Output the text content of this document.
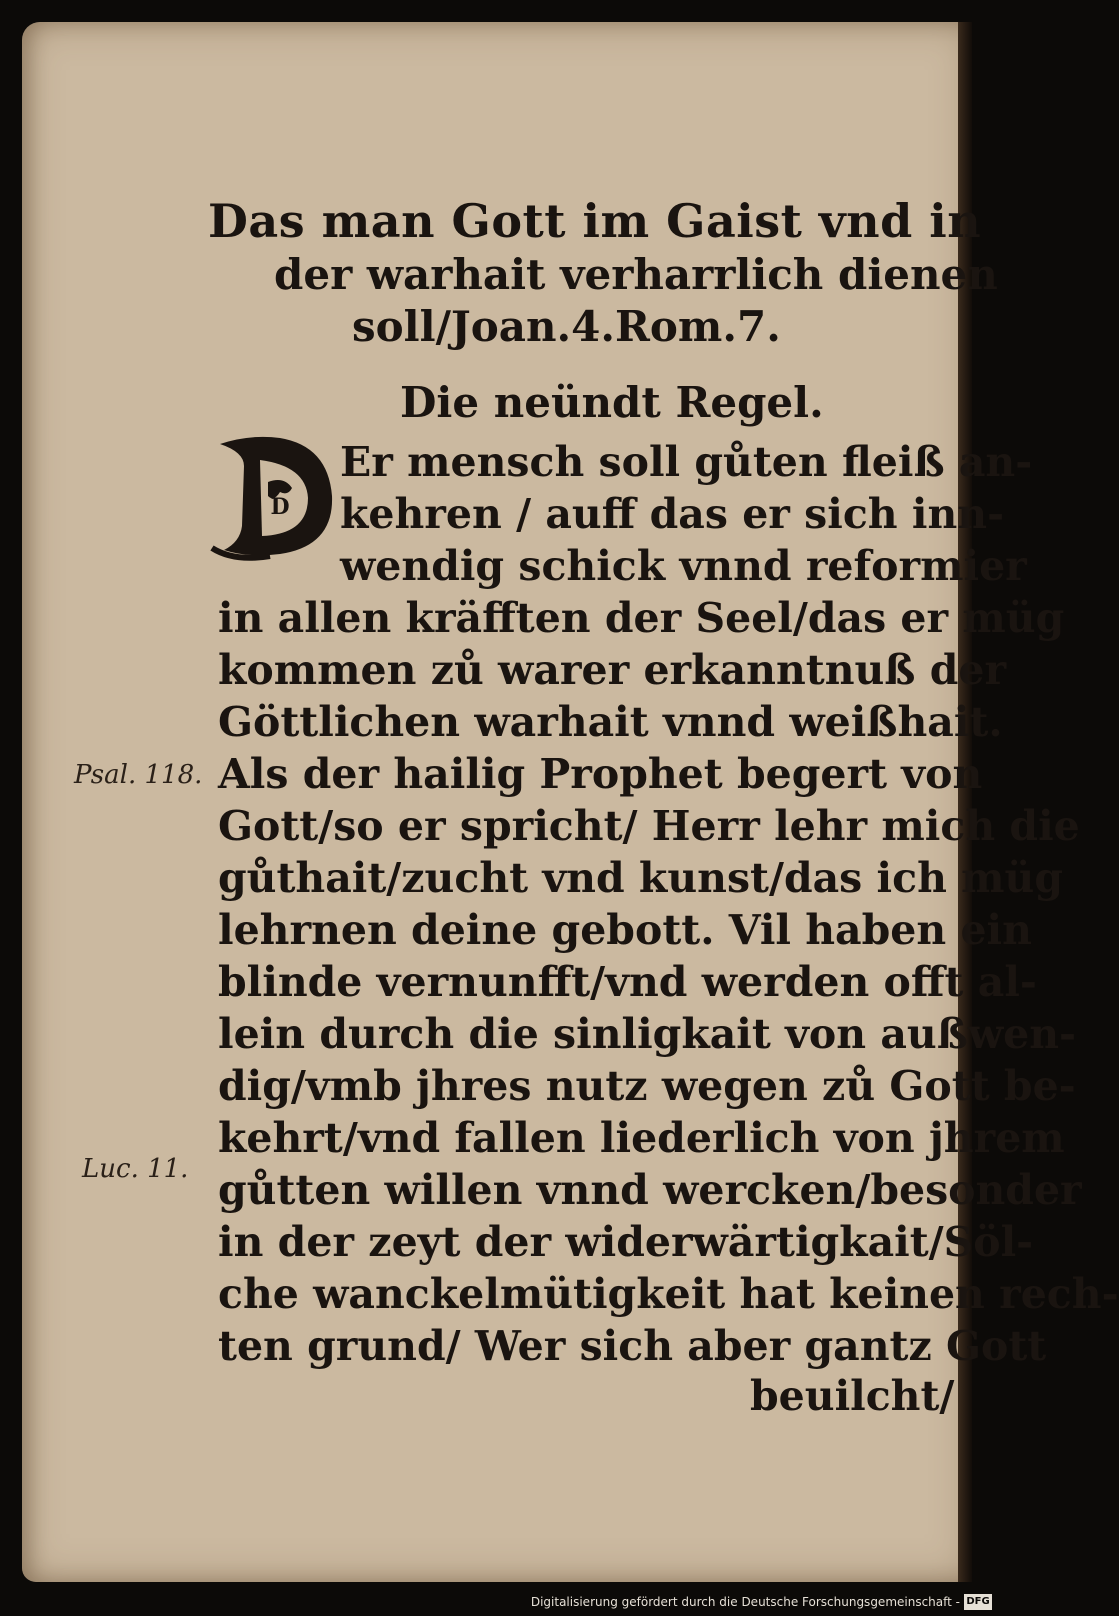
Das man Gott im Gaist vnd in
der warhait verharrlich dienen
soll/Joan.4.Rom.7.
Die neündt Regel.
D
Er mensch soll gůten fleiß an-
kehren / auff das er sich inn-
wendig schick vnnd reformier
in allen kräfften der Seel/das er müg
kommen zů warer erkanntnuß der
Göttlichen warhait vnnd weißhait.
Als der hailig Prophet begert von
Gott/so er spricht/ Herr lehr mich die
gůthait/zucht vnd kunst/das ich müg
lehrnen deine gebott. Vil haben ein
blinde vernunfft/vnd werden offt al-
lein durch die sinligkait von außwen-
dig/vmb jhres nutz wegen zů Gott be-
kehrt/vnd fallen liederlich von jhrem
gůtten willen vnnd wercken/besonder
in der zeyt der widerwärtigkait/Söl-
che wanckelmütigkeit hat keinen rech-
ten grund/ Wer sich aber gantz Gott
beuilcht/
Psal. 118.
Luc. 11.
Digitalisierung gefördert durch die Deutsche Forschungsgemeinschaft - DFG
